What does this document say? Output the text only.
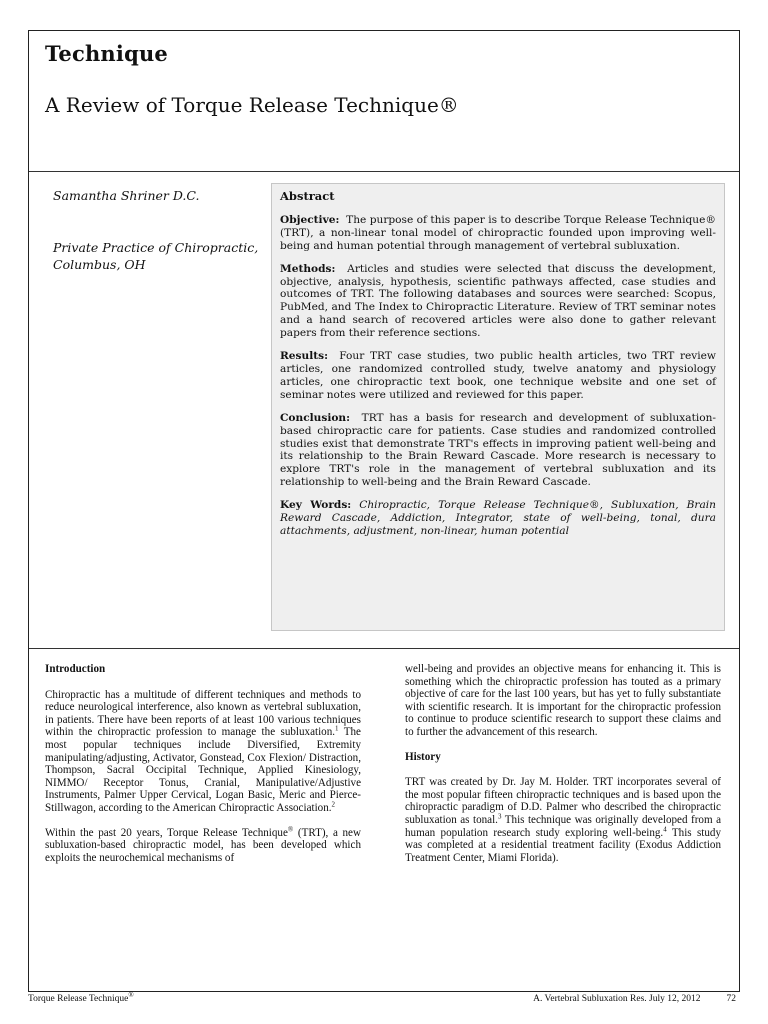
Technique
A Review of Torque Release Technique®
Samantha Shriner D.C.
Private Practice of Chiropractic, Columbus, OH
Abstract

Objective: The purpose of this paper is to describe Torque Release Technique® (TRT), a non-linear tonal model of chiropractic founded upon improving well-being and human potential through management of vertebral subluxation.

Methods: Articles and studies were selected that discuss the development, objective, analysis, hypothesis, scientific pathways affected, case studies and outcomes of TRT. The following databases and sources were searched: Scopus, PubMed, and The Index to Chiropractic Literature. Review of TRT seminar notes and a hand search of recovered articles were also done to gather relevant papers from their reference sections.

Results: Four TRT case studies, two public health articles, two TRT review articles, one randomized controlled study, twelve anatomy and physiology articles, one chiropractic text book, one technique website and one set of seminar notes were utilized and reviewed for this paper.

Conclusion: TRT has a basis for research and development of subluxation-based chiropractic care for patients. Case studies and randomized controlled studies exist that demonstrate TRT's effects in improving patient well-being and its relationship to the Brain Reward Cascade. More research is necessary to explore TRT's role in the management of vertebral subluxation and its relationship to well-being and the Brain Reward Cascade.

Key Words: Chiropractic, Torque Release Technique®, Subluxation, Brain Reward Cascade, Addiction, Integrator, state of well-being, tonal, dura attachments, adjustment, non-linear, human potential

Introduction

Chiropractic has a multitude of different techniques and methods to reduce neurological interference, also known as vertebral subluxation, in patients. There have been reports of at least 100 various techniques within the chiropractic profession to manage the subluxation.$^1$ The most popular techniques include Diversified, Extremity manipulating/adjusting, Activator, Gonstead, Cox Flexion/ Distraction, Thompson, Sacral Occipital Technique, Applied Kinesiology, NIMMO/ Receptor Tonus, Cranial, Manipulative/Adjustive Instruments, Palmer Upper Cervical, Logan Basic, Meric and Pierce-Stillwagon, according to the American Chiropractic Association.$^2$

Within the past 20 years, Torque Release Technique® (TRT), a new subluxation-based chiropractic model, has been developed which exploits the neurochemical mechanisms of

well-being and provides an objective means for enhancing it. This is something which the chiropractic profession has touted as a primary objective of care for the last 100 years, but has yet to fully substantiate with scientific research. It is important for the chiropractic profession to continue to produce scientific research to support these claims and to further the advancement of this research.

History

TRT was created by Dr. Jay M. Holder. TRT incorporates several of the most popular fifteen chiropractic techniques and is based upon the chiropractic paradigm of D.D. Palmer who described the chiropractic subluxation as tonal.$^3$ This technique was originally developed from a human population research study exploring well-being.$^4$ This study was completed at a residential treatment facility (Exodus Addiction Treatment Center, Miami Florida).

Torque Release Technique®	A. Vertebral Subluxation Res. July 12, 2012	72
